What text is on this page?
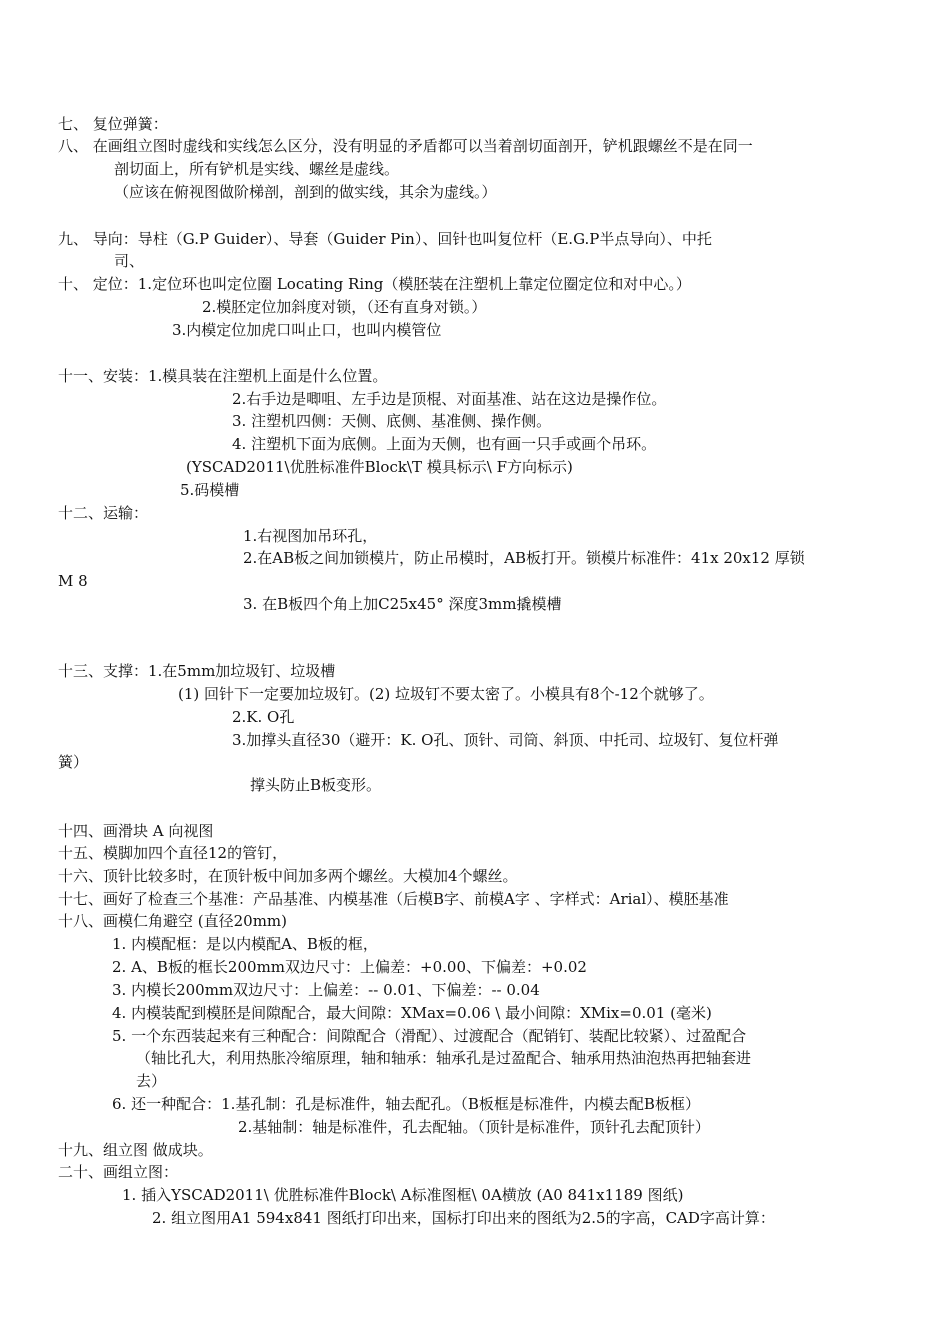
七、 复位弹簧：
八、 在画组立图时虚线和实线怎么区分，没有明显的矛盾都可以当着剖切面剖开，铲机跟螺丝不是在同一
剖切面上，所有铲机是实线、螺丝是虚线。
（应该在俯视图做阶梯剖，剖到的做实线，其余为虚线。）
九、 导向：导柱（G.P Guider）、导套（Guider Pin）、回针也叫复位杆（E.G.P半点导向）、中托
司、
十、 定位：1.定位环也叫定位圈 Locating Ring（模胚装在注塑机上靠定位圈定位和对中心。）
2.模胚定位加斜度对锁，（还有直身对锁。）
3.内模定位加虎口叫止口，也叫内模管位
十一、安装：1.模具装在注塑机上面是什么位置。
2.右手边是唧咀、左手边是顶棍、对面基准、站在这边是操作位。
3. 注塑机四侧：天侧、底侧、基准侧、操作侧。
4. 注塑机下面为底侧。上面为天侧，也有画一只手或画个吊环。
(YSCAD2011\优胜标准件Block\T 模具标示\ F方向标示)
5.码模槽
十二、运输：
1.右视图加吊环孔，
2.在AB板之间加锁模片，防止吊模时，AB板打开。锁模片标准件：41x 20x12 厚锁
M 8
3. 在B板四个角上加C25x45° 深度3mm撬模槽
十三、支撑：1.在5mm加垃圾钉、垃圾槽
(1) 回针下一定要加垃圾钉。(2) 垃圾钉不要太密了。小模具有8个-12个就够了。
2.K. O孔
3.加撑头直径30（避开：K. O孔、顶针、司筒、斜顶、中托司、垃圾钉、复位杆弹
簧）
撑头防止B板变形。
十四、画滑块 A 向视图
十五、模脚加四个直径12的管钉，
十六、顶针比较多时，在顶针板中间加多两个螺丝。大模加4个螺丝。
十七、画好了检查三个基准：产品基准、内模基准（后模B字、前模A字 、字样式：Arial）、模胚基准
十八、画模仁角避空 (直径20mm)
1. 内模配框：是以内模配A、B板的框，
2. A、B板的框长200mm双边尺寸：上偏差：+0.00、下偏差：+0.02
3. 内模长200mm双边尺寸：上偏差：-- 0.01、下偏差：-- 0.04
4. 内模装配到模胚是间隙配合，最大间隙：XMax=0.06 \ 最小间隙：XMix=0.01 (毫米)
5. 一个东西装起来有三种配合：间隙配合（滑配）、过渡配合（配销钉、装配比较紧）、过盈配合
（轴比孔大，利用热胀冷缩原理，轴和轴承：轴承孔是过盈配合、轴承用热油泡热再把轴套进
去）
6. 还一种配合：1.基孔制：孔是标准件，轴去配孔。（B板框是标准件，内模去配B板框）
2.基轴制：轴是标准件，孔去配轴。（顶针是标准件，顶针孔去配顶针）
十九、组立图 做成块。
二十、画组立图：
1. 插入YSCAD2011\ 优胜标准件Block\ A标准图框\ 0A横放 (A0 841x1189 图纸)
2. 组立图用A1 594x841 图纸打印出来，国标打印出来的图纸为2.5的字高，CAD字高计算：
